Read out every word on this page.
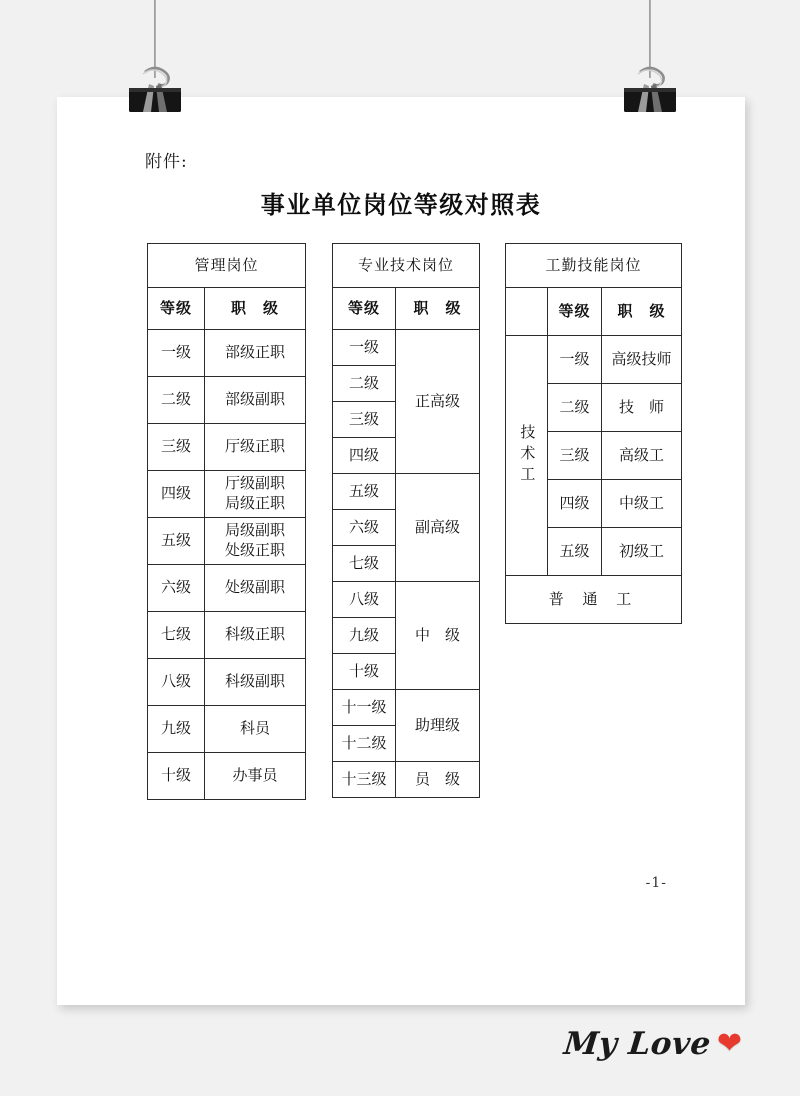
附件:
事业单位岗位等级对照表
管理岗位	
等级	职　级
一级	部级正职
二级	部级副职
三级	厅级正职
四级	厅级副职
局级正职

五级	局级副职
处级正职

六级	处级副职
七级	科级正职
八级	科级副职
九级	科员
十级	办事员
专业技术岗位	
等级	职　级
一级	正高级
二级	
三级	
四级	
五级	副高级
六级	
七级	
八级	中　级
九级	
十级	
十一级	助理级
十二级	
十三级	员　级
工勤技能岗位		
	等级	职　级
技术工	一级	高级技师
	二级	技　师
	三级	高级工
	四级	中级工
	五级	初级工
普 通 工		
-1-
My Love ❤
